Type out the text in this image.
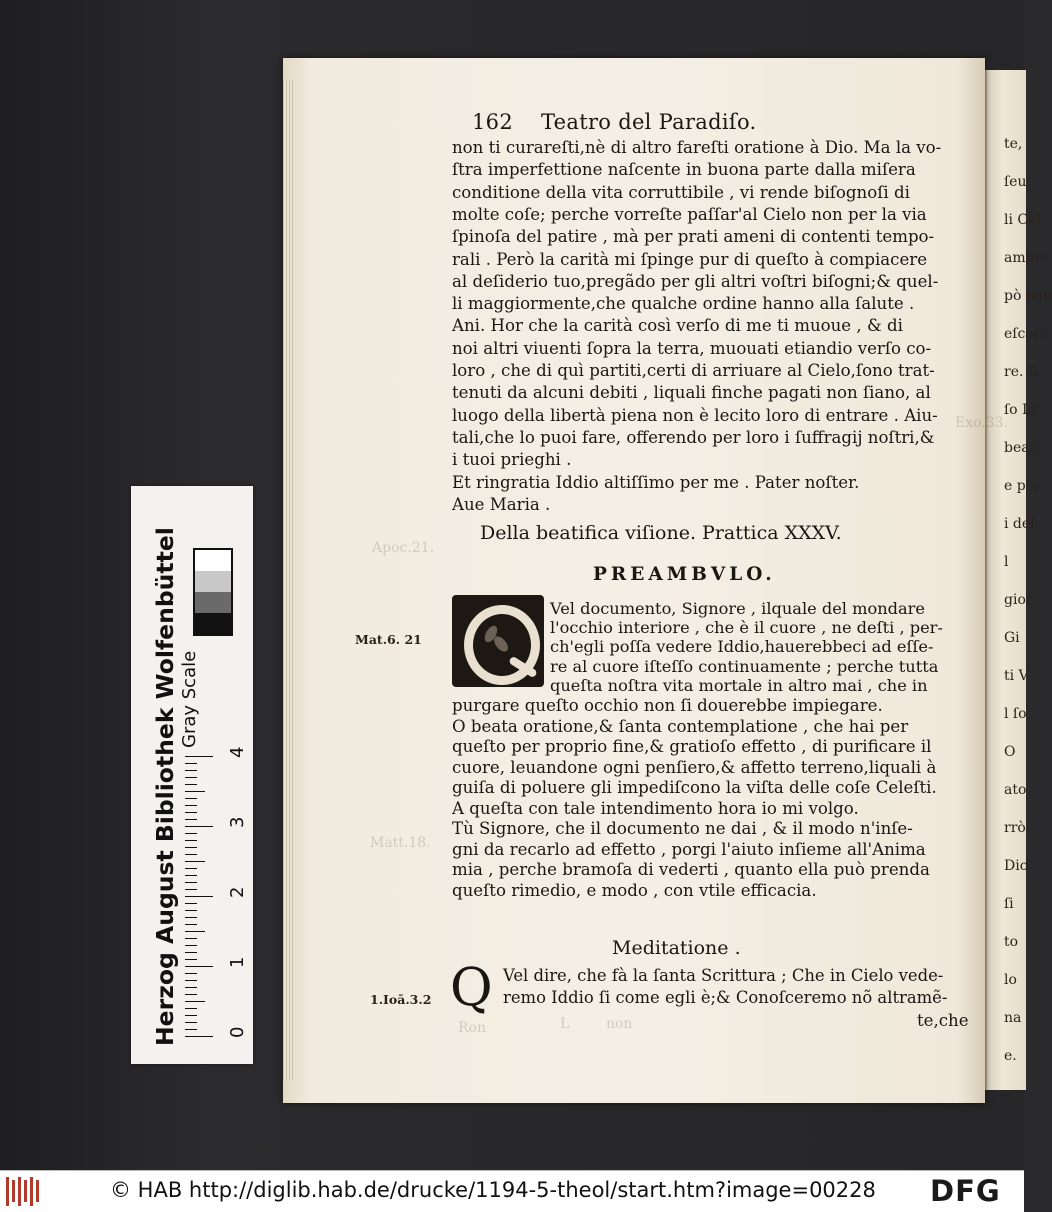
162 Teatro del Paradiſo.
non ti curareſti,nè di altro fareſti oratione à Dio. Ma la vo-
ſtra imperfettione naſcente in buona parte dalla miſera
conditione della vita corruttibile , vi rende biſognoſi di
molte coſe; perche vorreſte paſſar'al Cielo non per la via
ſpinoſa del patire , mà per prati ameni di contenti tempo-
rali . Però la carità mi ſpinge pur di queſto à compiacere
al deſiderio tuo,pregãdo per gli altri voſtri biſogni;& quel-
li maggiormente,che qualche ordine hanno alla ſalute .
Ani. Hor che la carità così verſo di me ti muoue , & di
noi altri viuenti ſopra la terra, muouati etiandio verſo co-
loro , che di quì partiti,certi di arriuare al Cielo,ſono trat-
tenuti da alcuni debiti , liquali finche pagati non ſiano, al
luogo della libertà piena non è lecito loro di entrare . Aiu-
tali,che lo puoi fare, offerendo per loro i ſuffragij noſtri,&
i tuoi prieghi .
Et ringratia Iddio altiſſimo per me . Pater noſter.
Aue Maria .
Della beatifica viſione. Prattica XXXV.
PREAMBVLO.
Vel documento, Signore , ilquale del mondare
l'occhio interiore , che è il cuore , ne deſti , per-
ch'egli poſſa vedere Iddio,hauerebbeci ad eſſe-
re al cuore iſteſſo continuamente ; perche tutta
queſta noſtra vita mortale in altro mai , che in
purgare queſto occhio non ſi douerebbe impiegare.
O beata oratione,& ſanta contemplatione , che hai per
queſto per proprio fine,& gratioſo effetto , di purificare il
cuore, leuandone ogni penſiero,& affetto terreno,liquali à
guiſa di poluere gli impediſcono la viſta delle coſe Celeſti.
A queſta con tale intendimento hora io mi volgo.
Tù Signore, che il documento ne dai , & il modo n'inſe-
gni da recarlo ad effetto , porgi l'aiuto inſieme all'Anima
mia , perche bramoſa di vederti , quanto ella può prenda
queſto rimedio, e modo , con vtile efficacia.
Meditatione .
Q Vel dire, che fà la ſanta Scrittura ; Che in Cielo vede-
remo Iddio ſi come egli è;& Conoſceremo nõ altramẽ-
te,che
Mat.6. 21
1.Ioā.3.2
Exo.33.
Apoc.21.
Matt.18.
Ron	L	non
te,
ſeu
li Cel
amme
pò hab
eſcere
re. &
ſo Id
beati
e por
i del
l
gior
Gi
ti V
l ſo
O
ato
rrò
Dio
ſi
to
lo
na
e.
Herzog August Bibliothek Wolfenbüttel Gray Scale
0
1
2
3
4
© HAB http://diglib.hab.de/drucke/1194-5-theol/start.htm?image=00228 DFG
